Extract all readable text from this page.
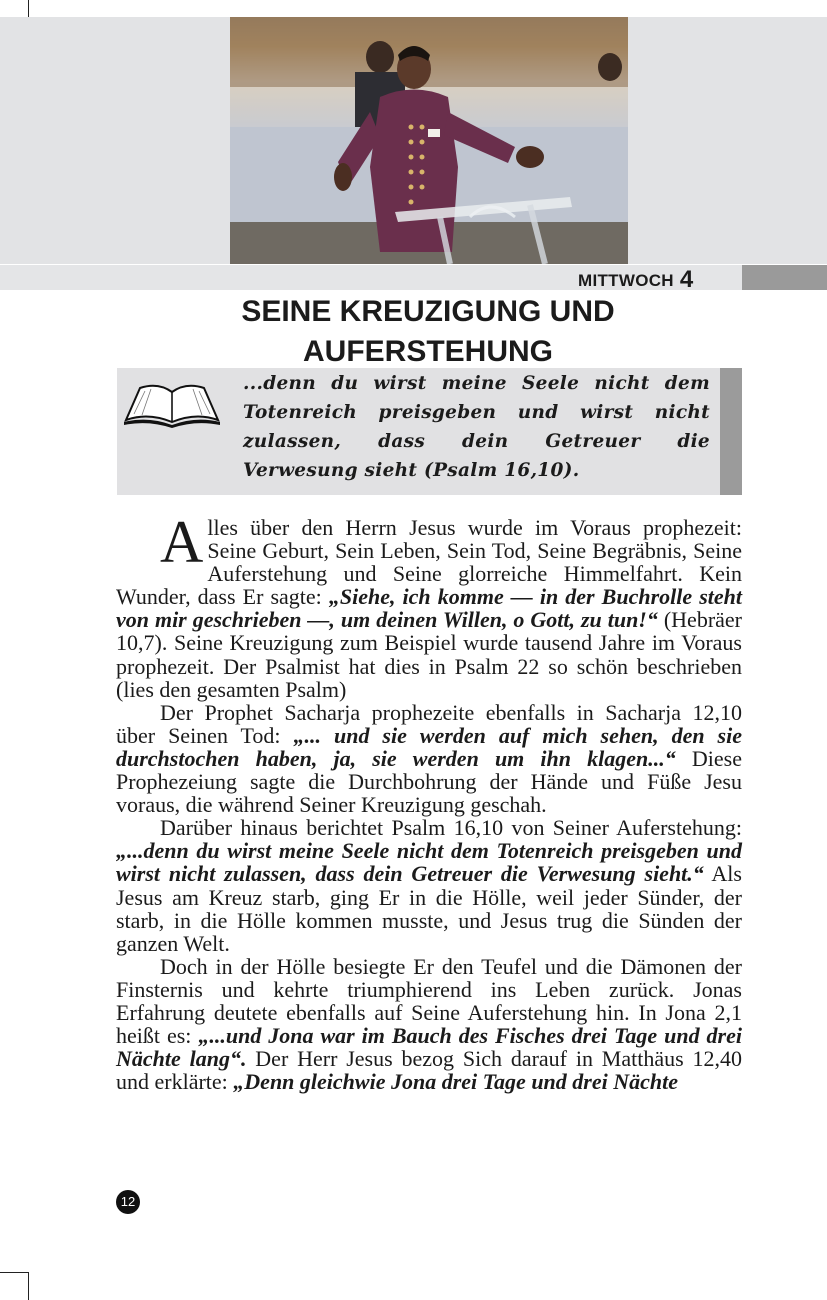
MITTWOCH 4
SEINE KREUZIGUNG UND
AUFERSTEHUNG

...denn du wirst meine Seele nicht dem Totenreich preisgeben und wirst nicht zulassen, dass dein Getreuer die Verwesung sieht (Psalm 16,10).

Alles über den Herrn Jesus wurde im Voraus prophezeit: Seine Geburt, Sein Leben, Sein Tod, Seine Begräbnis, Seine Auferstehung und Seine glorreiche Himmelfahrt. Kein Wunder, dass Er sagte: „Siehe, ich komme — in der Buchrolle steht von mir geschrieben —, um deinen Willen, o Gott, zu tun!“ (Hebräer 10,7). Seine Kreuzigung zum Beispiel wurde tausend Jahre im Voraus prophezeit. Der Psalmist hat dies in Psalm 22 so schön beschrieben (lies den gesamten Psalm)

Der Prophet Sacharja prophezeite ebenfalls in Sacharja 12,10 über Seinen Tod: „... und sie werden auf mich sehen, den sie durchstochen haben, ja, sie werden um ihn klagen...“ Diese Prophezeiung sagte die Durchbohrung der Hände und Füße Jesu voraus, die während Seiner Kreuzigung geschah.

Darüber hinaus berichtet Psalm 16,10 von Seiner Auferstehung: „...denn du wirst meine Seele nicht dem Totenreich preisgeben und wirst nicht zulassen, dass dein Getreuer die Verwesung sieht.“ Als Jesus am Kreuz starb, ging Er in die Hölle, weil jeder Sünder, der starb, in die Hölle kommen musste, und Jesus trug die Sünden der ganzen Welt.

Doch in der Hölle besiegte Er den Teufel und die Dämonen der Finsternis und kehrte triumphierend ins Leben zurück. Jonas Erfahrung deutete ebenfalls auf Seine Auferstehung hin. In Jona 2,1 heißt es: „...und Jona war im Bauch des Fisches drei Tage und drei Nächte lang“. Der Herr Jesus bezog Sich darauf in Matthäus 12,40 und erklärte: „Denn gleichwie Jona drei Tage und drei Nächte

12
